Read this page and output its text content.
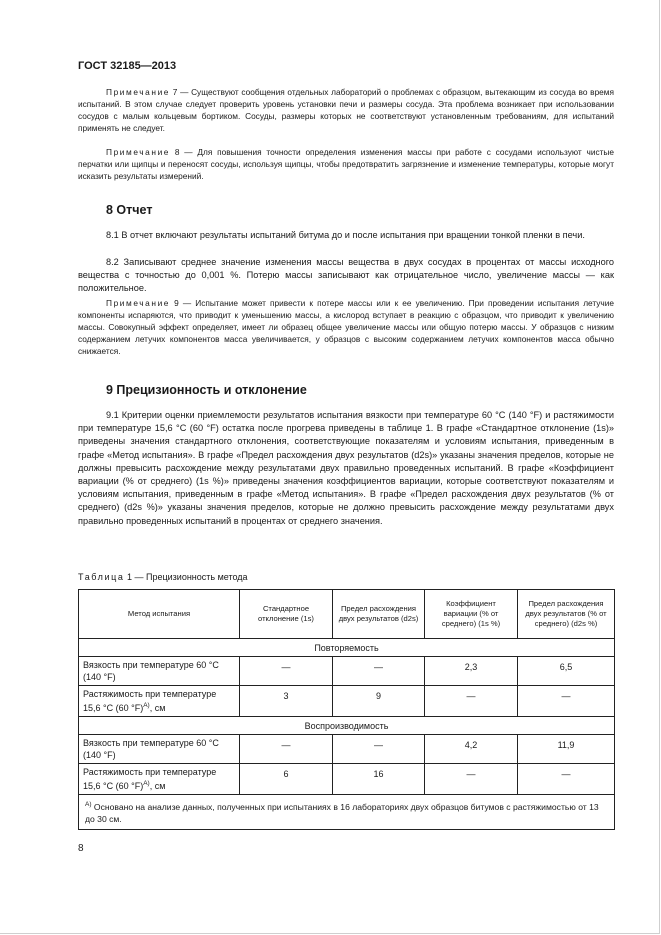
ГОСТ 32185—2013
Примечание 7 — Существуют сообщения отдельных лабораторий о проблемах с образцом, вытекающим из сосуда во время испытаний. В этом случае следует проверить уровень установки печи и размеры сосуда. Эта проблема возникает при использовании сосудов с малым кольцевым бортиком. Сосуды, размеры которых не соответствуют установленным требованиям, для испытаний применять не следует.
Примечание 8 — Для повышения точности определения изменения массы при работе с сосудами используют чистые перчатки или щипцы и переносят сосуды, используя щипцы, чтобы предотвратить загрязнение и изменение температуры, которые могут исказить результаты измерений.
8 Отчет
8.1 В отчет включают результаты испытаний битума до и после испытания при вращении тонкой пленки в печи.
8.2 Записывают среднее значение изменения массы вещества в двух сосудах в процентах от массы исходного вещества с точностью до 0,001 %. Потерю массы записывают как отрицательное число, увеличение массы — как положительное.
Примечание 9 — Испытание может привести к потере массы или к ее увеличению. При проведении испытания летучие компоненты испаряются, что приводит к уменьшению массы, а кислород вступает в реакцию с образцом, что приводит к увеличению массы. Совокупный эффект определяет, имеет ли образец общее увеличение массы или общую потерю массы. У образцов с низким содержанием летучих компонентов масса увеличивается, у образцов с высоким содержанием летучих компонентов масса обычно снижается.
9 Прецизионность и отклонение
9.1 Критерии оценки приемлемости результатов испытания вязкости при температуре 60 °С (140 °F) и растяжимости при температуре 15,6 °С (60 °F) остатка после прогрева приведены в таблице 1. В графе «Стандартное отклонение (1s)» приведены значения стандартного отклонения, соответствующие показателям и условиям испытания, приведенным в графе «Метод испытания». В графе «Предел расхождения двух результатов (d2s)» указаны значения пределов, которые не должны превысить расхождение между результатами двух правильно проведенных испытаний. В графе «Коэффициент вариации (% от среднего) (1s %)» приведены значения коэффициентов вариации, которые соответствуют показателям и условиям испытания, приведенным в графе «Метод испытания». В графе «Предел расхождения двух результатов (% от среднего) (d2s %)» указаны значения пределов, которые не должно превысить расхождение между результатами двух правильно проведенных испытаний в процентах от среднего значения.
Таблица 1 — Прецизионность метода
Метод испытания	Стандартное отклонение (1s)	Предел расхождения двух результатов (d2s)	Коэффициент вариации (% от среднего) (1s %)	Предел расхождения двух результатов (% от среднего) (d2s %)
Повторяемость				
Вязкость при температуре 60 °С (140 °F)	—	—	2,3	6,5
Растяжимость при температуре 15,6 °С (60 °F)$^{А)}$, см	3	9	—	—
Воспроизводимость				
Вязкость при температуре 60 °С (140 °F)	—	—	4,2	11,9
Растяжимость при температуре 15,6 °С (60 °F)$^{А)}$, см	6	16	—	—
$^{А)}$ Основано на анализе данных, полученных при испытаниях в 16 лабораториях двух образцов битумов с растяжимостью от 13 до 30 см.				
8
